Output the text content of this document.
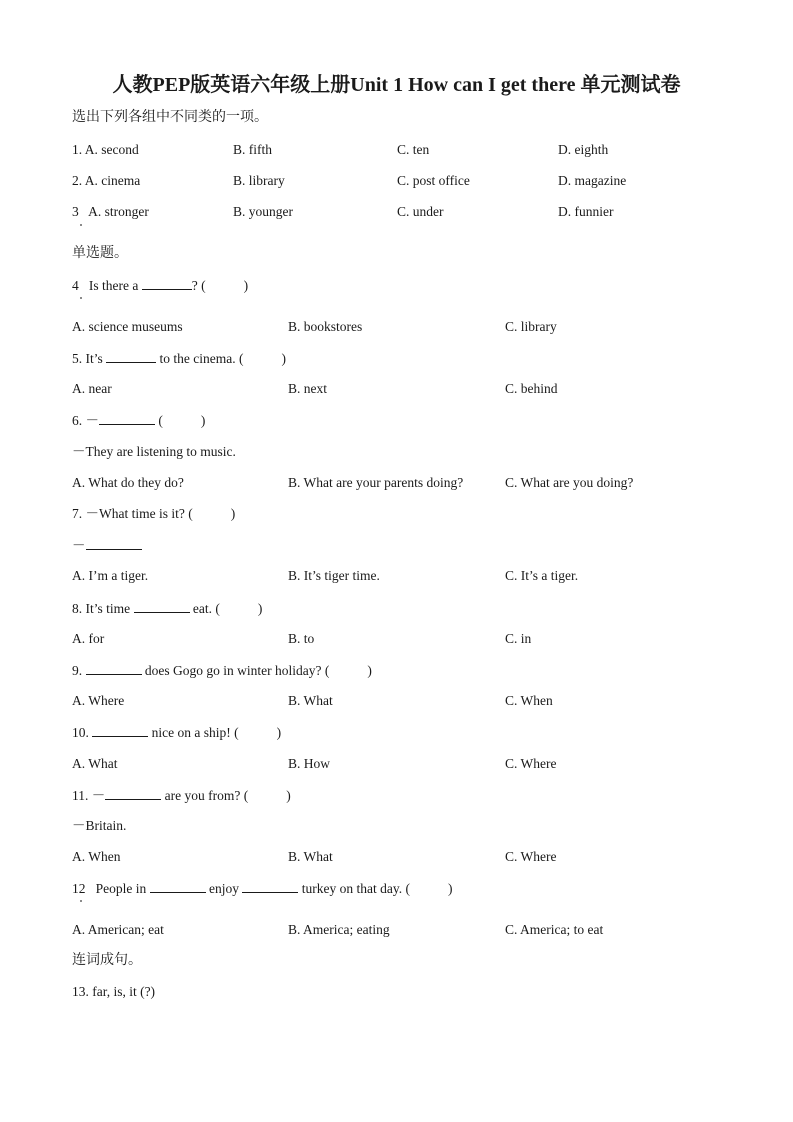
人教PEP版英语六年级上册Unit 1 How can I get there 单元测试卷
选出下列各组中不同类的一项。
1. A. second	B. fifth	C. ten	D. eighth
2. A. cinema	B. library	C. post office	D. magazine
3 A. stronger	B. younger	C. under	D. funnier
单选题。
4 Is there a	? (	)
A. science museums	B. bookstores	C. library
5. It’s	to the cinema. (	)
A. near	B. next	C. behind
6. －	(	)
－They are listening to music.
A. What do they do?	B. What are your parents doing?	C. What are you doing?
7. －What time is it? (	)
－
A. I’m a tiger.	B. It’s tiger time.	C. It’s a tiger.
8. It’s time	eat. (	)
A. for	B. to	C. in
9.	does Gogo go in winter holiday? (	)
A. Where	B. What	C. When
10.	nice on a ship! (	)
A. What	B. How	C. Where
11. －	are you from? (	)
－Britain.
A. When	B. What	C. Where
12 People in	enjoy	turkey on that day. (	)
A. American; eat	B. America; eating	C. America; to eat
连词成句。
13. far, is, it (?)
